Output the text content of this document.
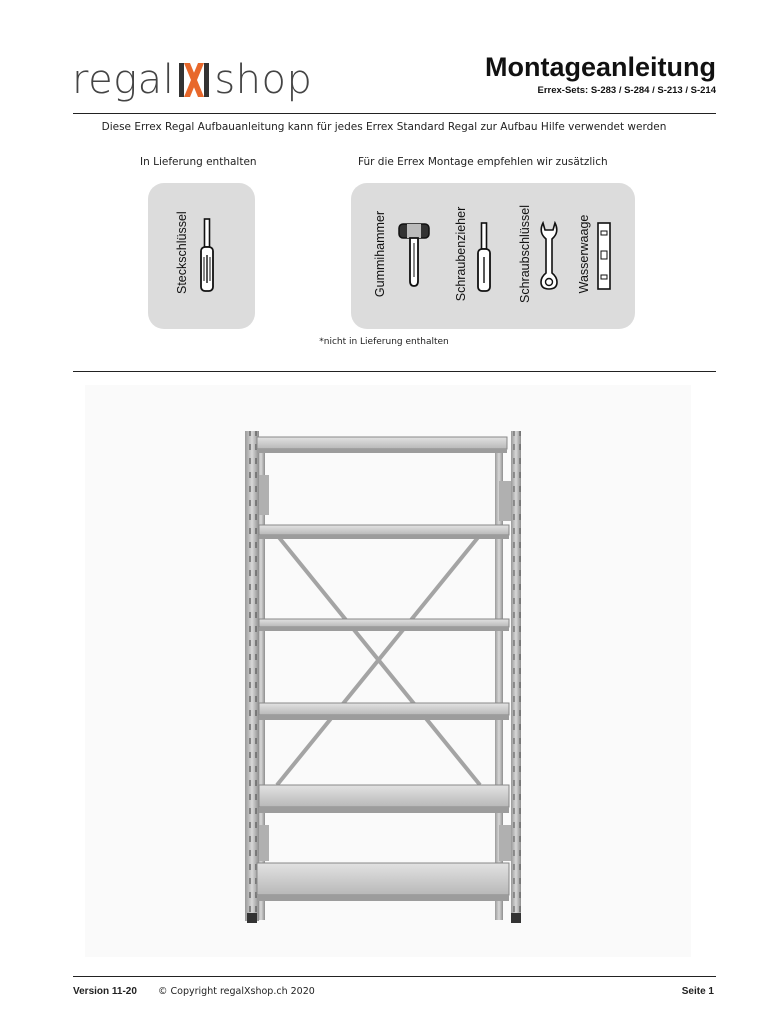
regal shop	Montageanleitung
Errex-Sets: S-283 / S-284 / S-213 / S-214
Diese Errex Regal Aufbauanleitung kann für jedes Errex Standard Regal zur Aufbau Hilfe verwendet werden
In Lieferung enthalten	Für die Errex Montage empfehlen wir zusätzlich
Steckschlüssel	Gummihammer	Schraubenzieher	Schraubschlüssel	Wasserwaage
*nicht in Lieferung enthalten
Version 11-20 © Copyright regalXshop.ch 2020	Seite 1
